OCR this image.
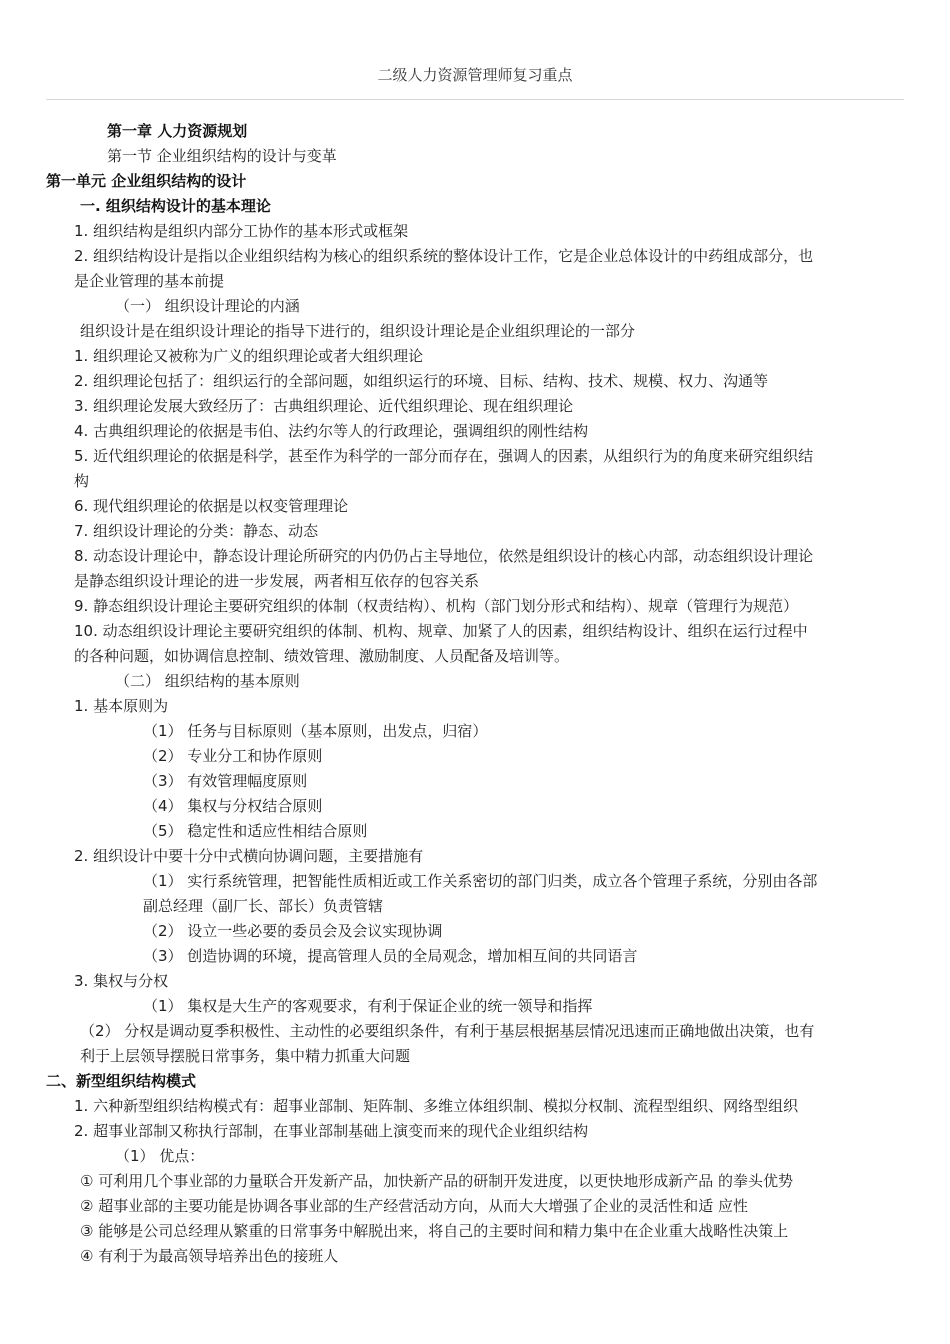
二级人力资源管理师复习重点
第一章 人力资源规划
第一节 企业组织结构的设计与变革
第一单元 企业组织结构的设计
一. 组织结构设计的基本理论
1. 组织结构是组织内部分工协作的基本形式或框架
2. 组织结构设计是指以企业组织结构为核心的组织系统的整体设计工作，它是企业总体设计的中药组成部分，也
是企业管理的基本前提
（一） 组织设计理论的内涵
组织设计是在组织设计理论的指导下进行的，组织设计理论是企业组织理论的一部分
1. 组织理论又被称为广义的组织理论或者大组织理论
2. 组织理论包括了：组织运行的全部问题，如组织运行的环境、目标、结构、技术、规模、权力、沟通等
3. 组织理论发展大致经历了：古典组织理论、近代组织理论、现在组织理论
4. 古典组织理论的依据是韦伯、法约尔等人的行政理论，强调组织的刚性结构
5. 近代组织理论的依据是科学，甚至作为科学的一部分而存在，强调人的因素，从组织行为的角度来研究组织结
构
6. 现代组织理论的依据是以权变管理理论
7. 组织设计理论的分类：静态、动态
8. 动态设计理论中，静态设计理论所研究的内仍仍占主导地位，依然是组织设计的核心内部，动态组织设计理论
是静态组织设计理论的进一步发展，两者相互依存的包容关系
9. 静态组织设计理论主要研究组织的体制（权责结构）、机构（部门划分形式和结构）、规章（管理行为规范）
10. 动态组织设计理论主要研究组织的体制、机构、规章、加紧了人的因素，组织结构设计、组织在运行过程中
的各种问题，如协调信息控制、绩效管理、激励制度、人员配备及培训等。
（二） 组织结构的基本原则
1. 基本原则为
（1） 任务与目标原则（基本原则，出发点，归宿）
（2） 专业分工和协作原则
（3） 有效管理幅度原则
（4） 集权与分权结合原则
（5） 稳定性和适应性相结合原则
2. 组织设计中要十分中式横向协调问题，主要措施有
（1） 实行系统管理，把智能性质相近或工作关系密切的部门归类，成立各个管理子系统，分别由各部
副总经理（副厂长、部长）负责管辖
（2） 设立一些必要的委员会及会议实现协调
（3） 创造协调的环境，提高管理人员的全局观念，增加相互间的共同语言
3. 集权与分权
（1） 集权是大生产的客观要求，有利于保证企业的统一领导和指挥
（2） 分权是调动夏季积极性、主动性的必要组织条件，有利于基层根据基层情况迅速而正确地做出决策，也有
利于上层领导摆脱日常事务，集中精力抓重大问题
二、新型组织结构模式
1. 六种新型组织结构模式有：超事业部制、矩阵制、多维立体组织制、模拟分权制、流程型组织、网络型组织
2. 超事业部制又称执行部制，在事业部制基础上演变而来的现代企业组织结构
（1） 优点：
① 可利用几个事业部的力量联合开发新产品，加快新产品的研制开发进度，以更快地形成新产品 的拳头优势
② 超事业部的主要功能是协调各事业部的生产经营活动方向，从而大大增强了企业的灵活性和适 应性
③ 能够是公司总经理从繁重的日常事务中解脱出来，将自己的主要时间和精力集中在企业重大战略性决策上
④ 有利于为最高领导培养出色的接班人
